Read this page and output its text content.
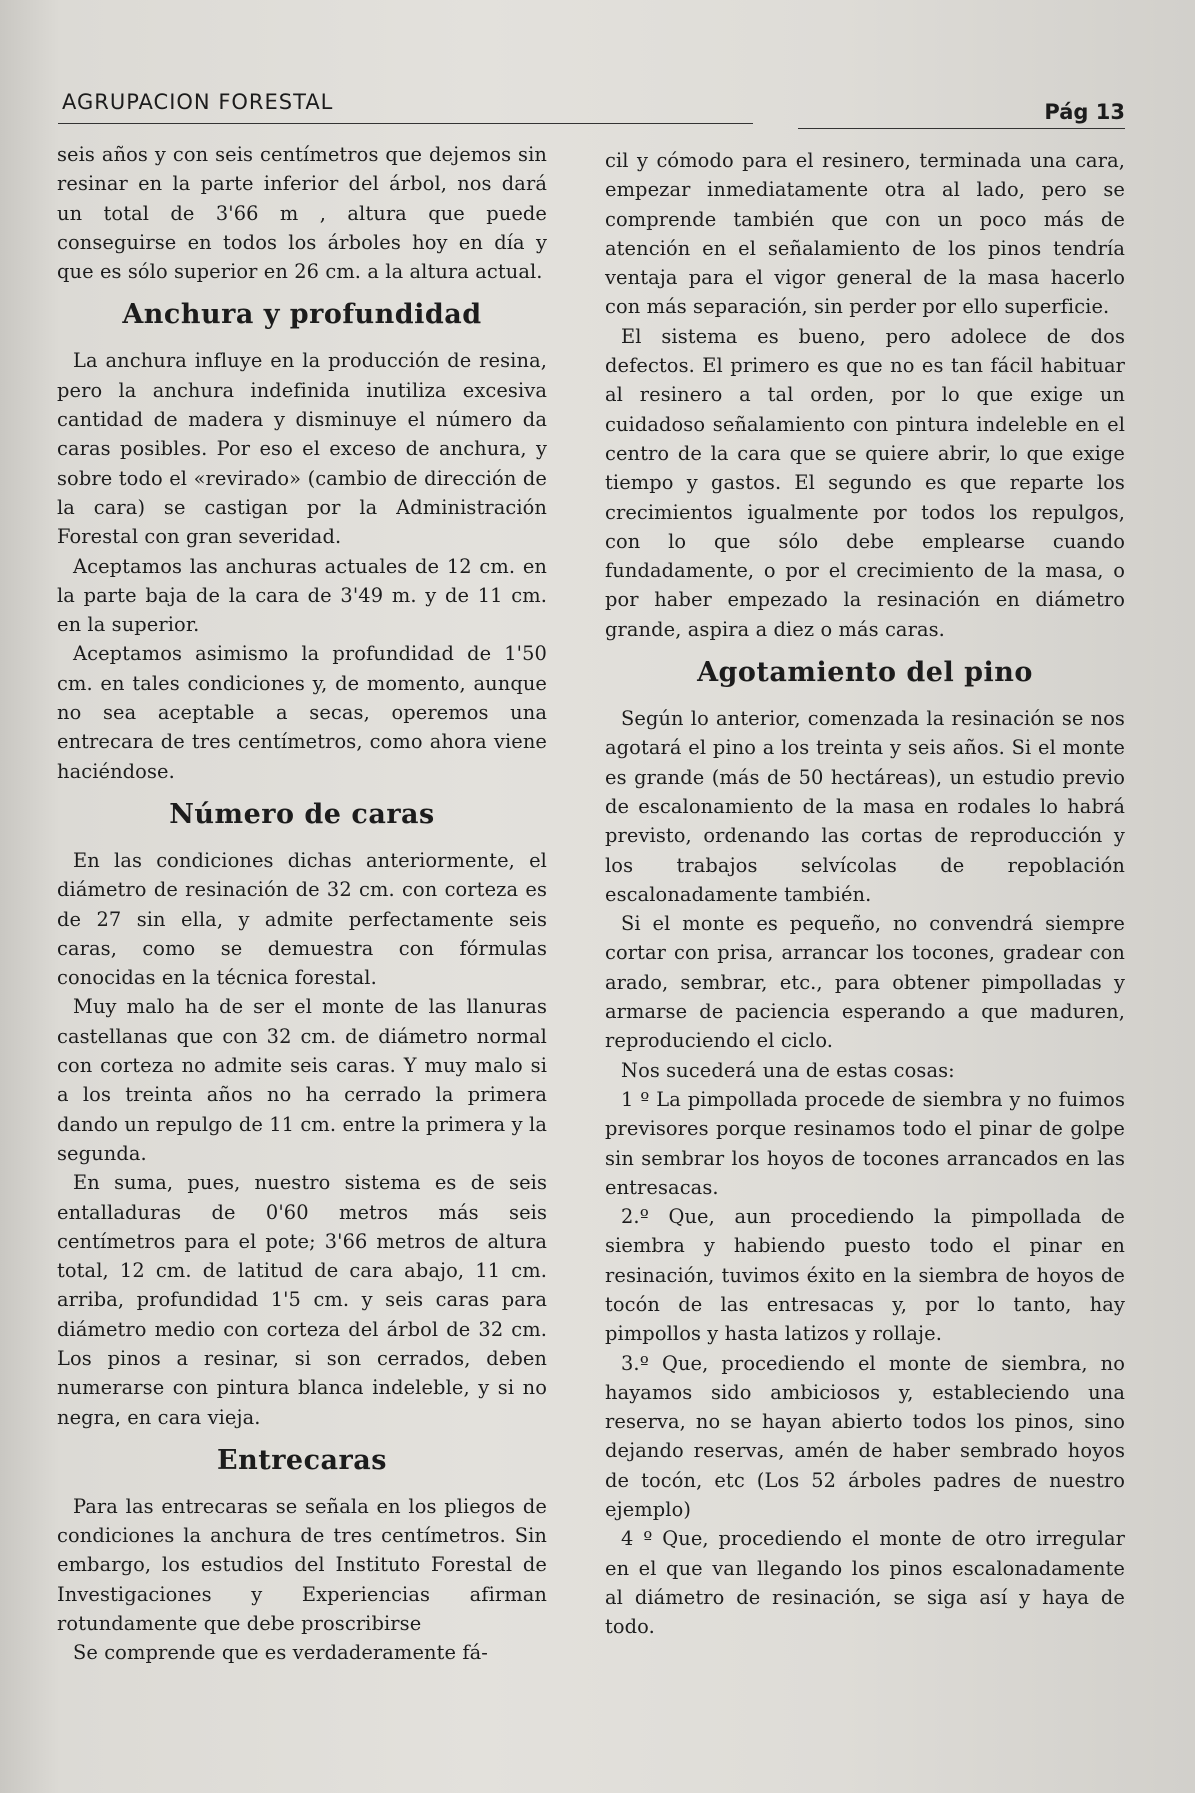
AGRUPACION FORESTAL	Pág 13

seis años y con seis centímetros que dejemos sin resinar en la parte inferior del árbol, nos dará un total de 3'66 m , altura que puede conseguirse en todos los árboles hoy en día y que es sólo superior en 26 cm. a la altura actual.

Anchura y profundidad

La anchura influye en la producción de resina, pero la anchura indefinida inutiliza excesiva cantidad de madera y disminuye el número da caras posibles. Por eso el exceso de anchura, y sobre todo el «revirado» (cambio de dirección de la cara) se castigan por la Administración Forestal con gran severidad.

Aceptamos las anchuras actuales de 12 cm. en la parte baja de la cara de 3'49 m. y de 11 cm. en la superior.

Aceptamos asimismo la profundidad de 1'50 cm. en tales condiciones y, de momento, aunque no sea aceptable a secas, operemos una entrecara de tres centímetros, como ahora viene haciéndose.

Número de caras

En las condiciones dichas anteriormente, el diámetro de resinación de 32 cm. con corteza es de 27 sin ella, y admite perfectamente seis caras, como se demuestra con fórmulas conocidas en la técnica forestal.

Muy malo ha de ser el monte de las llanuras castellanas que con 32 cm. de diámetro normal con corteza no admite seis caras. Y muy malo si a los treinta años no ha cerrado la primera dando un repulgo de 11 cm. entre la primera y la segunda.

En suma, pues, nuestro sistema es de seis entalladuras de 0'60 metros más seis centímetros para el pote; 3'66 metros de altura total, 12 cm. de latitud de cara abajo, 11 cm. arriba, profundidad 1'5 cm. y seis caras para diámetro medio con corteza del árbol de 32 cm. Los pinos a resinar, si son cerrados, deben numerarse con pintura blanca indeleble, y si no negra, en cara vieja.

Entrecaras

Para las entrecaras se señala en los pliegos de condiciones la anchura de tres centímetros. Sin embargo, los estudios del Instituto Forestal de Investigaciones y Experiencias afirman rotundamente que debe proscribirse

Se comprende que es verdaderamente fá-

cil y cómodo para el resinero, terminada una cara, empezar inmediatamente otra al lado, pero se comprende también que con un poco más de atención en el señalamiento de los pinos tendría ventaja para el vigor general de la masa hacerlo con más separación, sin perder por ello superficie.

El sistema es bueno, pero adolece de dos defectos. El primero es que no es tan fácil habituar al resinero a tal orden, por lo que exige un cuidadoso señalamiento con pintura indeleble en el centro de la cara que se quiere abrir, lo que exige tiempo y gastos. El segundo es que reparte los crecimientos igualmente por todos los repulgos, con lo que sólo debe emplearse cuando fundadamente, o por el crecimiento de la masa, o por haber empezado la resinación en diámetro grande, aspira a diez o más caras.

Agotamiento del pino

Según lo anterior, comenzada la resinación se nos agotará el pino a los treinta y seis años. Si el monte es grande (más de 50 hectáreas), un estudio previo de escalonamiento de la masa en rodales lo habrá previsto, ordenando las cortas de reproducción y los trabajos selvícolas de repoblación escalonadamente también.

Si el monte es pequeño, no convendrá siempre cortar con prisa, arrancar los tocones, gradear con arado, sembrar, etc., para obtener pimpolladas y armarse de paciencia esperando a que maduren, reproduciendo el ciclo.

Nos sucederá una de estas cosas:

1 º La pimpollada procede de siembra y no fuimos previsores porque resinamos todo el pinar de golpe sin sembrar los hoyos de tocones arrancados en las entresacas.

2.º Que, aun procediendo la pimpollada de siembra y habiendo puesto todo el pinar en resinación, tuvimos éxito en la siembra de hoyos de tocón de las entresacas y, por lo tanto, hay pimpollos y hasta latizos y rollaje.

3.º Que, procediendo el monte de siembra, no hayamos sido ambiciosos y, estableciendo una reserva, no se hayan abierto todos los pinos, sino dejando reservas, amén de haber sembrado hoyos de tocón, etc (Los 52 árboles padres de nuestro ejemplo)

4 º Que, procediendo el monte de otro irregular en el que van llegando los pinos escalonadamente al diámetro de resinación, se siga así y haya de todo.
